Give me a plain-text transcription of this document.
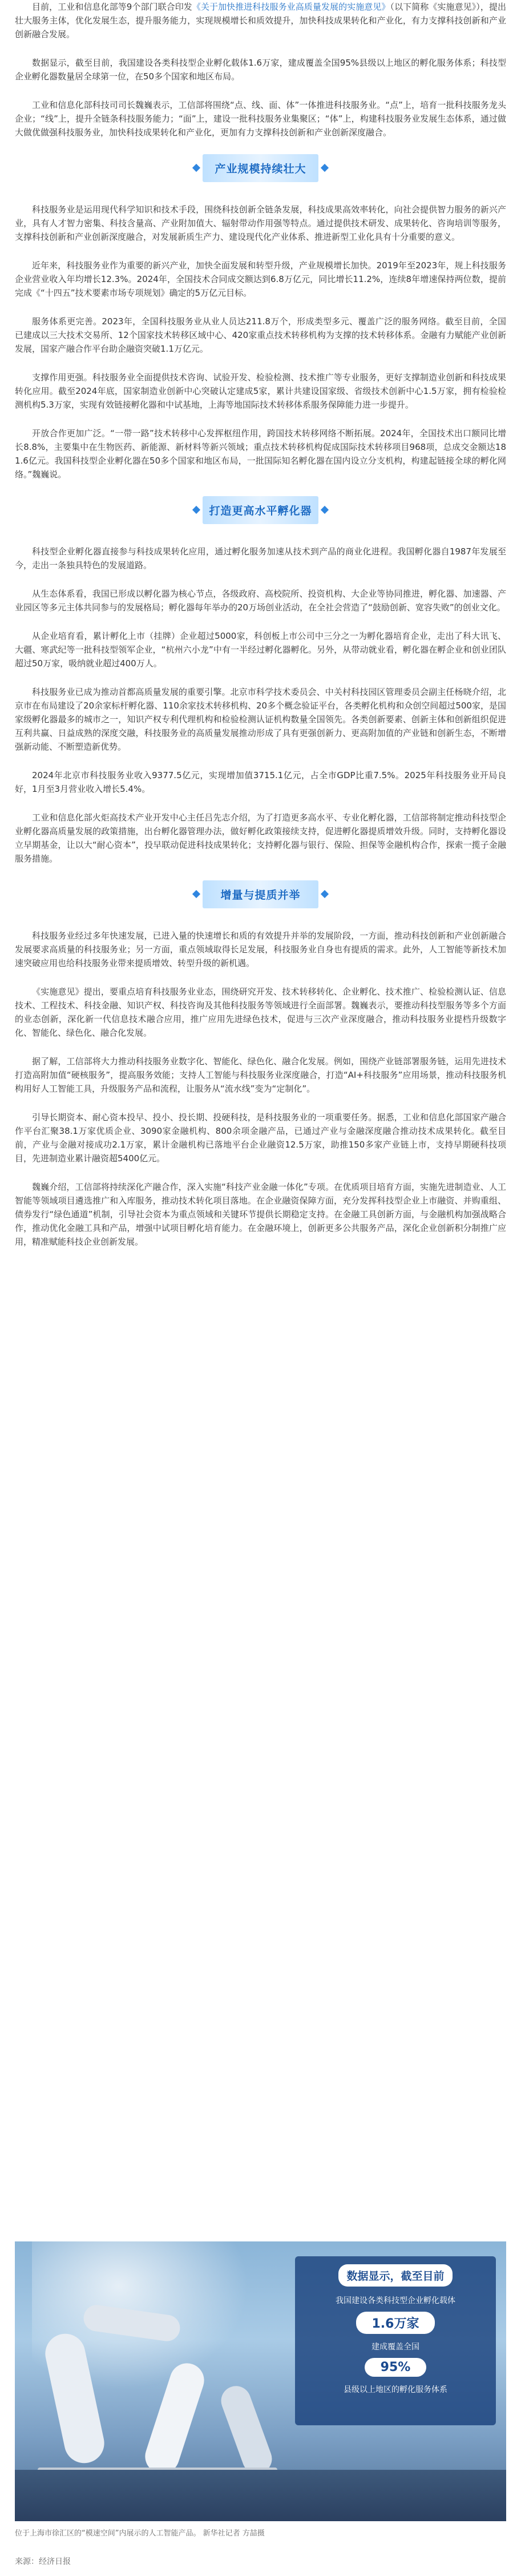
目前，工业和信息化部等9个部门联合印发《关于加快推进科技服务业高质量发展的实施意见》（以下简称《实施意见》），提出壮大服务主体，优化发展生态，提升服务能力，实现规模增长和质效提升，加快科技成果转化和产业化，有力支撑科技创新和产业创新融合发展。

数据显示，截至目前，我国建设各类科技型企业孵化载体1.6万家，建成覆盖全国95%县级以上地区的孵化服务体系；科技型企业孵化器数量居全球第一位，在50多个国家和地区布局。

工业和信息化部科技司司长魏巍表示，工信部将围绕“点、线、面、体”一体推进科技服务业。“点”上，培育一批科技服务龙头企业；“线”上，提升全链条科技服务能力；“面”上，建设一批科技服务业集聚区；“体”上，构建科技服务业发展生态体系，通过做大做优做强科技服务业，加快科技成果转化和产业化，更加有力支撑科技创新和产业创新深度融合。

产业规模持续壮大

科技服务业是运用现代科学知识和技术手段，围绕科技创新全链条发展，科技成果高效率转化，向社会提供智力服务的新兴产业，具有人才智力密集、科技含量高、产业附加值大、辐射带动作用强等特点。通过提供技术研发、成果转化、咨询培训等服务，支撑科技创新和产业创新深度融合，对发展新质生产力、建设现代化产业体系、推进新型工业化具有十分重要的意义。

近年来，科技服务业作为重要的新兴产业，加快全面发展和转型升级，产业规模增长加快。2019年至2023年，规上科技服务企业营业收入年均增长12.3%。2024年，全国技术合同成交额达到6.8万亿元，同比增长11.2%，连续8年增速保持两位数，提前完成《“十四五”技术要素市场专项规划》确定的5万亿元目标。

服务体系更完善。2023年，全国科技服务业从业人员达211.8万个，形成类型多元、覆盖广泛的服务网络。截至目前，全国已建成以三大技术交易所、12个国家技术转移区域中心、420家重点技术转移机构为支撑的技术转移体系。金融有力赋能产业创新发展，国家产融合作平台助企融资突破1.1万亿元。

支撑作用更强。科技服务业全面提供技术咨询、试验开发、检验检测、技术推广等专业服务，更好支撑制造业创新和科技成果转化应用。截至2024年底，国家制造业创新中心突破认定建成5家，累计共建设国家级、省级技术创新中心1.5万家，拥有检验检测机构5.3万家，实现有效链接孵化器和中试基地，上海等地国际技术转移体系服务保障能力进一步提升。

开放合作更加广泛。“一带一路”技术转移中心发挥枢纽作用，跨国技术转移网络不断拓展。2024年，全国技术出口额同比增长8.8%，主要集中在生物医药、新能源、新材料等新兴领域；重点技术转移机构促成国际技术转移项目968项，总成交金额达181.6亿元。我国科技型企业孵化器在50多个国家和地区布局，一批国际知名孵化器在国内设立分支机构，构建起链接全球的孵化网络。”魏巍说。

打造更高水平孵化器

科技型企业孵化器直接参与科技成果转化应用，通过孵化服务加速从技术到产品的商业化进程。我国孵化器自1987年发展至今，走出一条独具特色的发展道路。

从生态体系看，我国已形成以孵化器为核心节点，各级政府、高校院所、投资机构、大企业等协同推进，孵化器、加速器、产业园区等多元主体共同参与的发展格局；孵化器每年举办的20万场创业活动，在全社会营造了“鼓励创新、宽容失败”的创业文化。

从企业培育看，累计孵化上市（挂牌）企业超过5000家，科创板上市公司中三分之一为孵化器培育企业，走出了科大讯飞、大疆、寒武纪等一批科技型领军企业，“杭州六小龙”中有一半经过孵化器孵化。另外，从带动就业看，孵化器在孵企业和创业团队超过50万家，吸纳就业超过400万人。

科技服务业已成为推动首都高质量发展的重要引擎。北京市科学技术委员会、中关村科技园区管理委员会副主任杨晓介绍，北京市在布局建设了20余家标杆孵化器、110余家技术转移机构、20多个概念验证平台，各类孵化机构和众创空间超过500家，是国家级孵化器最多的城市之一，知识产权专利代理机构和检验检测认证机构数量全国领先。各类创新要素、创新主体和创新组织促进互利共赢、日益成熟的深度交融，科技服务业的高质量发展推动形成了具有更强创新力、更高附加值的产业链和创新生态，不断增强新动能、不断塑造新优势。

2024年北京市科技服务业收入9377.5亿元，实现增加值3715.1亿元，占全市GDP比重7.5%。2025年科技服务业开局良好，1月至3月营业收入增长5.4%。

工业和信息化部火炬高技术产业开发中心主任吕先志介绍，为了打造更多高水平、专业化孵化器，工信部将制定推动科技型企业孵化器高质量发展的政策措施，出台孵化器管理办法，做好孵化政策接续支持，促进孵化器提质增效升级。同时，支持孵化器设立早期基金，让以大“耐心资本”，投早联动促进科技成果转化；支持孵化器与银行、保险、担保等金融机构合作，探索一揽子金融服务措施。

增量与提质并举

科技服务业经过多年快速发展，已进入量的快速增长和质的有效提升并举的发展阶段，一方面，推动科技创新和产业创新融合发展要求高质量的科技服务业；另一方面，重点领域取得长足发展，科技服务业自身也有提质的需求。此外，人工智能等新技术加速突破应用也给科技服务业带来提质增效、转型升级的新机遇。

《实施意见》提出，要重点培育科技服务业业态，围绕研究开发、技术转移转化、企业孵化、技术推广、检验检测认证、信息技术、工程技术、科技金融、知识产权、科技咨询及其他科技服务等领域进行全面部署。魏巍表示，要推动科技型服务等多个方面的业态创新，深化新一代信息技术融合应用，推广应用先进绿色技术，促进与三次产业深度融合，推动科技服务业提档升级数字化、智能化、绿色化、融合化发展。

据了解，工信部将大力推动科技服务业数字化、智能化、绿色化、融合化发展。例如，围绕产业链部署服务链，运用先进技术打造高附加值“硬核服务”，提高服务效能；支持人工智能与科技服务业深度融合，打造“AI+科技服务”应用场景，推动科技服务机构用好人工智能工具，升级服务产品和流程，让服务从“流水线”变为“定制化”。

引导长期资本、耐心资本投早、投小、投长期、投硬科技，是科技服务业的一项重要任务。据悉，工业和信息化部国家产融合作平台汇聚38.1万家优质企业、3090家金融机构、800余项金融产品，已通过产业与金融深度融合推动技术成果转化。截至目前，产业与金融对接成功2.1万家，累计金融机构已落地平台企业融资12.5万家，助推150多家产业链上市，支持早期硬科技项目，先进制造业累计融资超5400亿元。

魏巍介绍，工信部将持续深化产融合作，深入实施“科技产业金融一体化”专项。在优质项目培育方面，实施先进制造业、人工智能等领域项目遴选推广和入库服务，推动技术转化项目落地。在企业融资保障方面，充分发挥科技型企业上市融资、并购重组、债券发行“绿色通道”机制，引导社会资本为重点领域和关键环节提供长期稳定支持。在金融工具创新方面，与金融机构加强战略合作，推动优化金融工具和产品，增强中试项目孵化培育能力。在金融环境上，创新更多公共服务产品，深化企业创新积分制推广应用，精准赋能科技企业创新发展。

数据显示，截至目前

我国建设各类科技型企业孵化载体

1.6万家

建成覆盖全国

95%

县级以上地区的孵化服务体系

位于上海市徐汇区的“模速空间”内展示的人工智能产品。 新华社记者 方喆摄

来源：经济日报
